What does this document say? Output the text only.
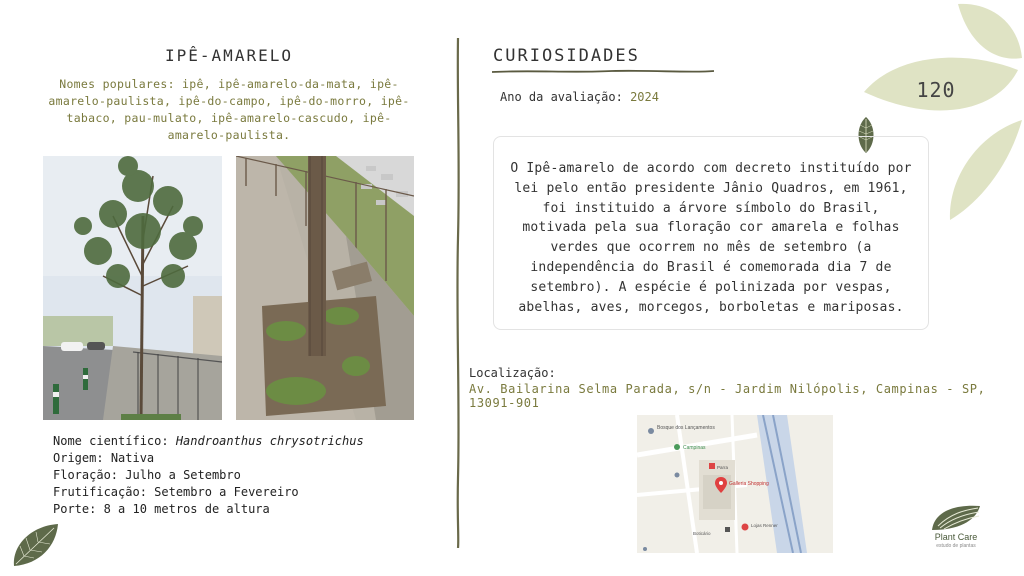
120
IPÊ-AMARELO
Nomes populares: ipê, ipê-amarelo-da-mata, ipê-amarelo-paulista, ipê-do-campo, ipê-do-morro, ipê-tabaco, pau-mulato, ipê-amarelo-cascudo, ipê-amarelo-paulista.
Nome científico: Handroanthus chrysotrichus
Origem: Nativa
Floração: Julho a Setembro
Frutificação: Setembro a Fevereiro
Porte: 8 a 10 metros de altura
CURIOSIDADES
Ano da avaliação: 2024

O Ipê-amarelo de acordo com decreto instituído por lei pelo então presidente Jânio Quadros, em 1961, foi instituido a árvore símbolo do Brasil, motivada pela sua floração cor amarela e folhas verdes que ocorrem no mês de setembro (a independência do Brasil é comemorada dia 7 de setembro). A espécie é polinizada por vespas, abelhas, aves, morcegos, borboletas e mariposas.

Localização:
Av. Bailarina Selma Parada, s/n - Jardim Nilópolis, Campinas - SP, 13091-901
Bosque dos Lançamentos
Campinas
Parra
Galleria Shopping
Lojas Renner
Boticário	Plant Care
estudo de plantas
